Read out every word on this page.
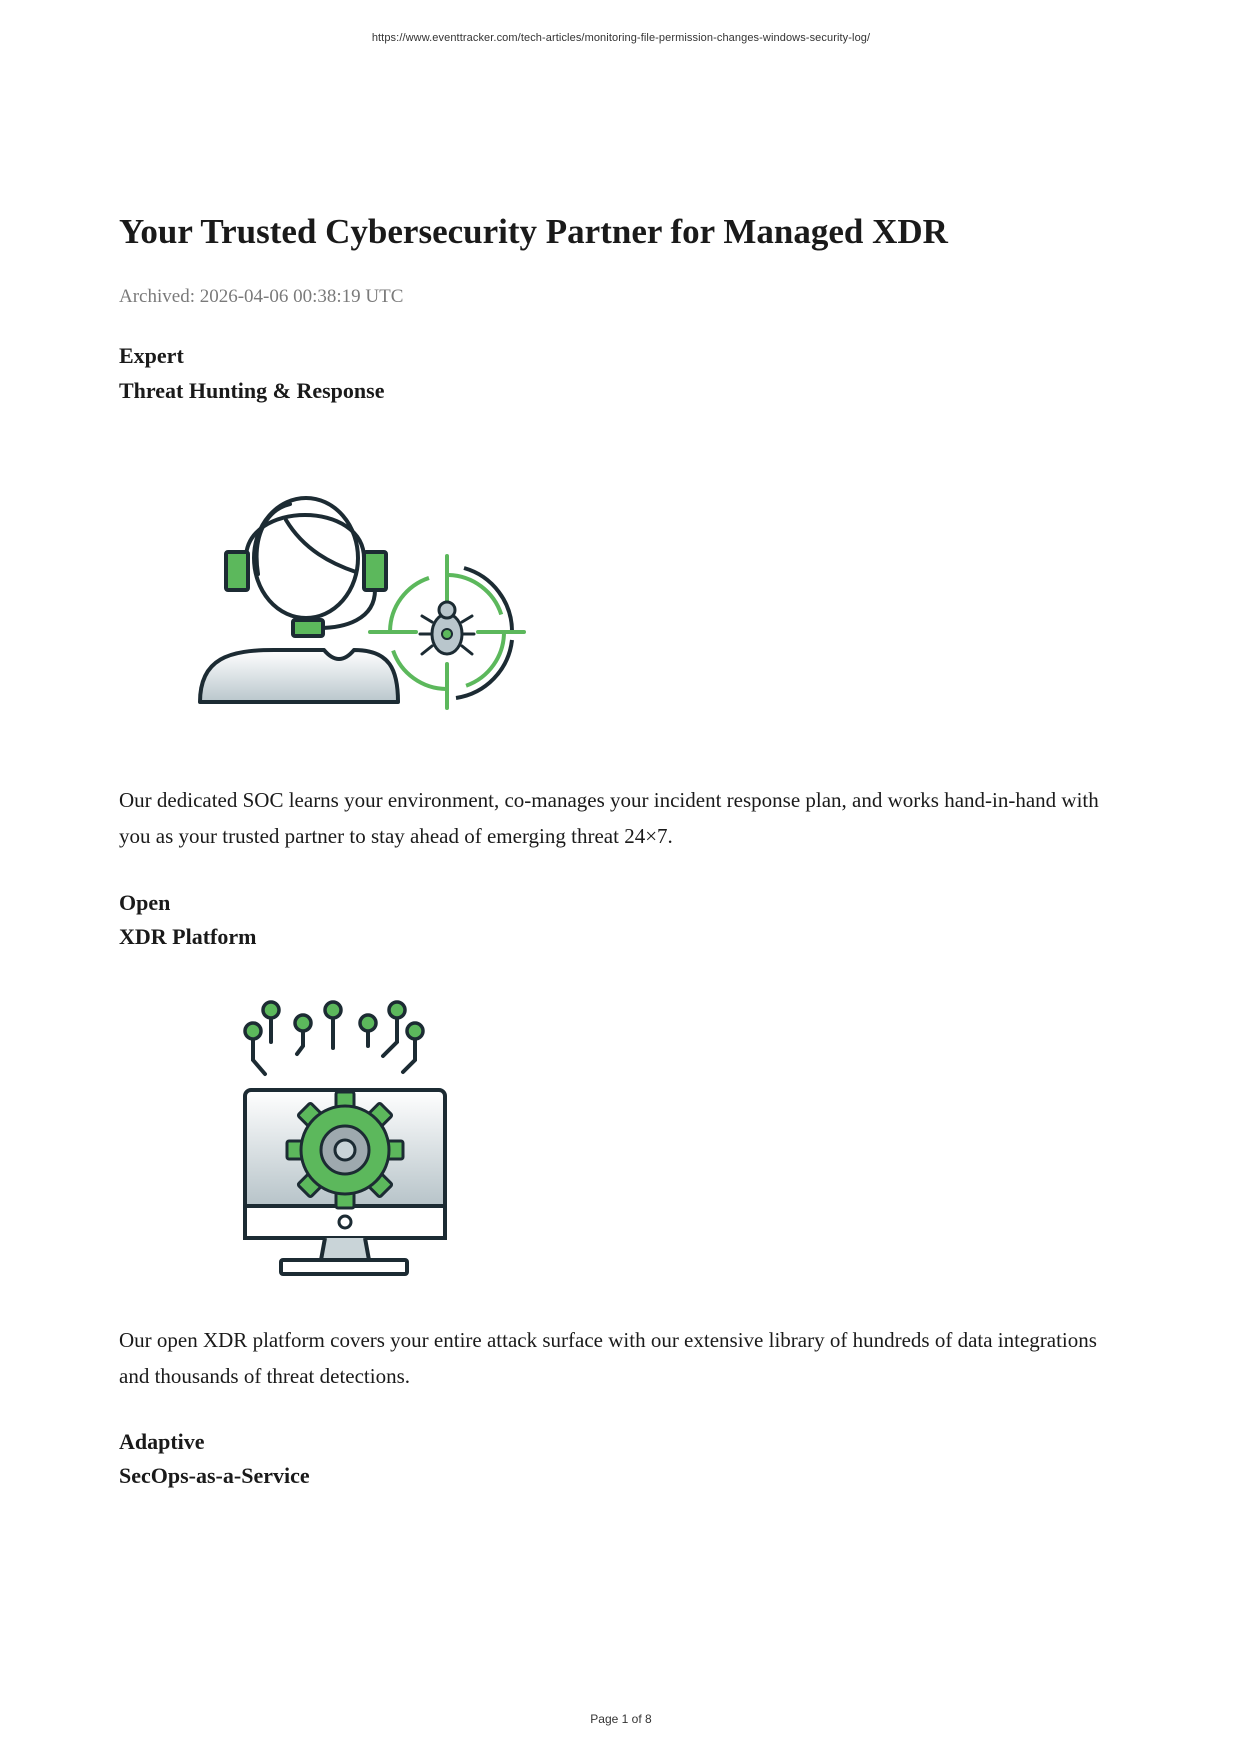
https://www.eventtracker.com/tech-articles/monitoring-file-permission-changes-windows-security-log/
Your Trusted Cybersecurity Partner for Managed XDR
Archived: 2026-04-06 00:38:19 UTC
Expert
Threat Hunting & Response

Our dedicated SOC learns your environment, co-manages your incident response plan, and works hand-in-hand with you as your trusted partner to stay ahead of emerging threat 24×7.

Open
XDR Platform

Our open XDR platform covers your entire attack surface with our extensive library of hundreds of data integrations and thousands of threat detections.

Adaptive
SecOps-as-a-Service
Page 1 of 8
